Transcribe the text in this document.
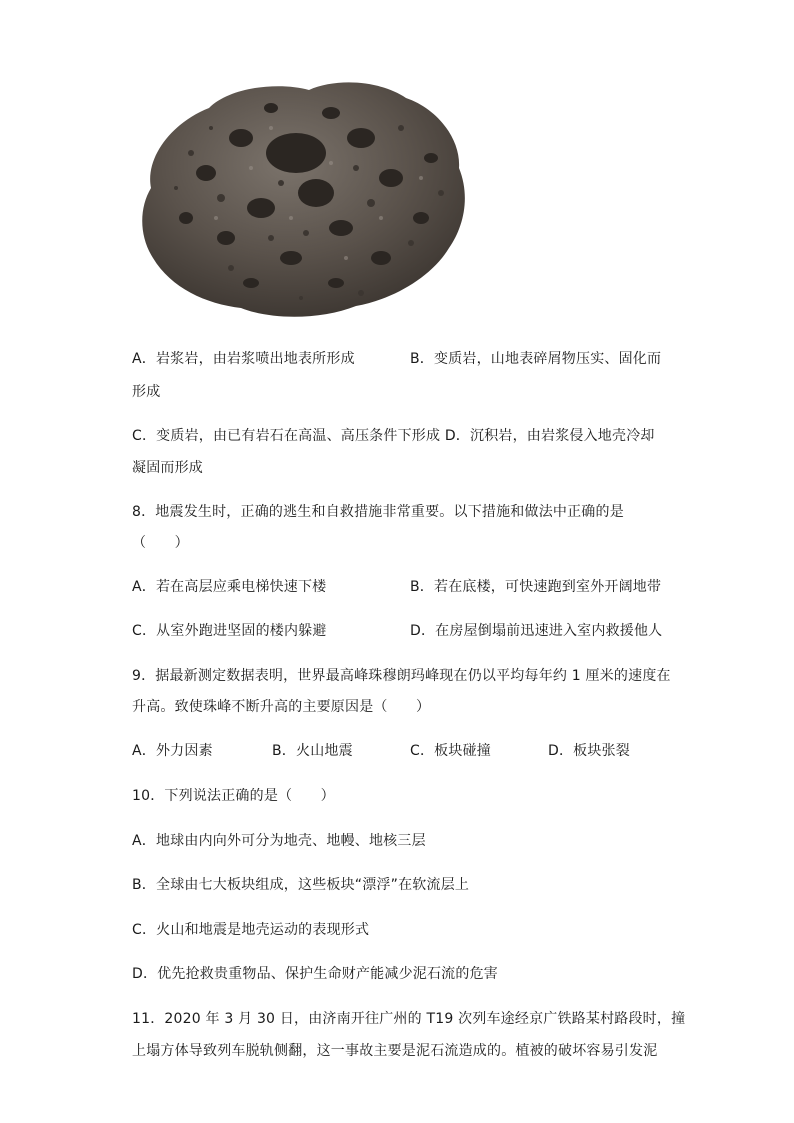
A．岩浆岩，由岩浆喷出地表所形成	B．变质岩，山地表碎屑物压实、固化而
形成
C．变质岩，由已有岩石在高温、高压条件下形成 D．沉积岩，由岩浆侵入地壳冷却
凝固而形成
8．地震发生时，正确的逃生和自救措施非常重要。以下措施和做法中正确的是
（　　）
A．若在高层应乘电梯快速下楼	B．若在底楼，可快速跑到室外开阔地带
C．从室外跑进坚固的楼内躲避	D．在房屋倒塌前迅速进入室内救援他人
9．据最新测定数据表明，世界最高峰珠穆朗玛峰现在仍以平均每年约 1 厘米的速度在
升高。致使珠峰不断升高的主要原因是（　　）
A．外力因素	B．火山地震	C．板块碰撞	D．板块张裂
10．下列说法正确的是（　　）
A．地球由内向外可分为地壳、地幔、地核三层
B．全球由七大板块组成，这些板块“漂浮”在软流层上
C．火山和地震是地壳运动的表现形式
D．优先抢救贵重物品、保护生命财产能减少泥石流的危害
11．2020 年 3 月 30 日，由济南开往广州的 T19 次列车途经京广铁路某村路段时，撞
上塌方体导致列车脱轨侧翻，这一事故主要是泥石流造成的。植被的破坏容易引发泥
